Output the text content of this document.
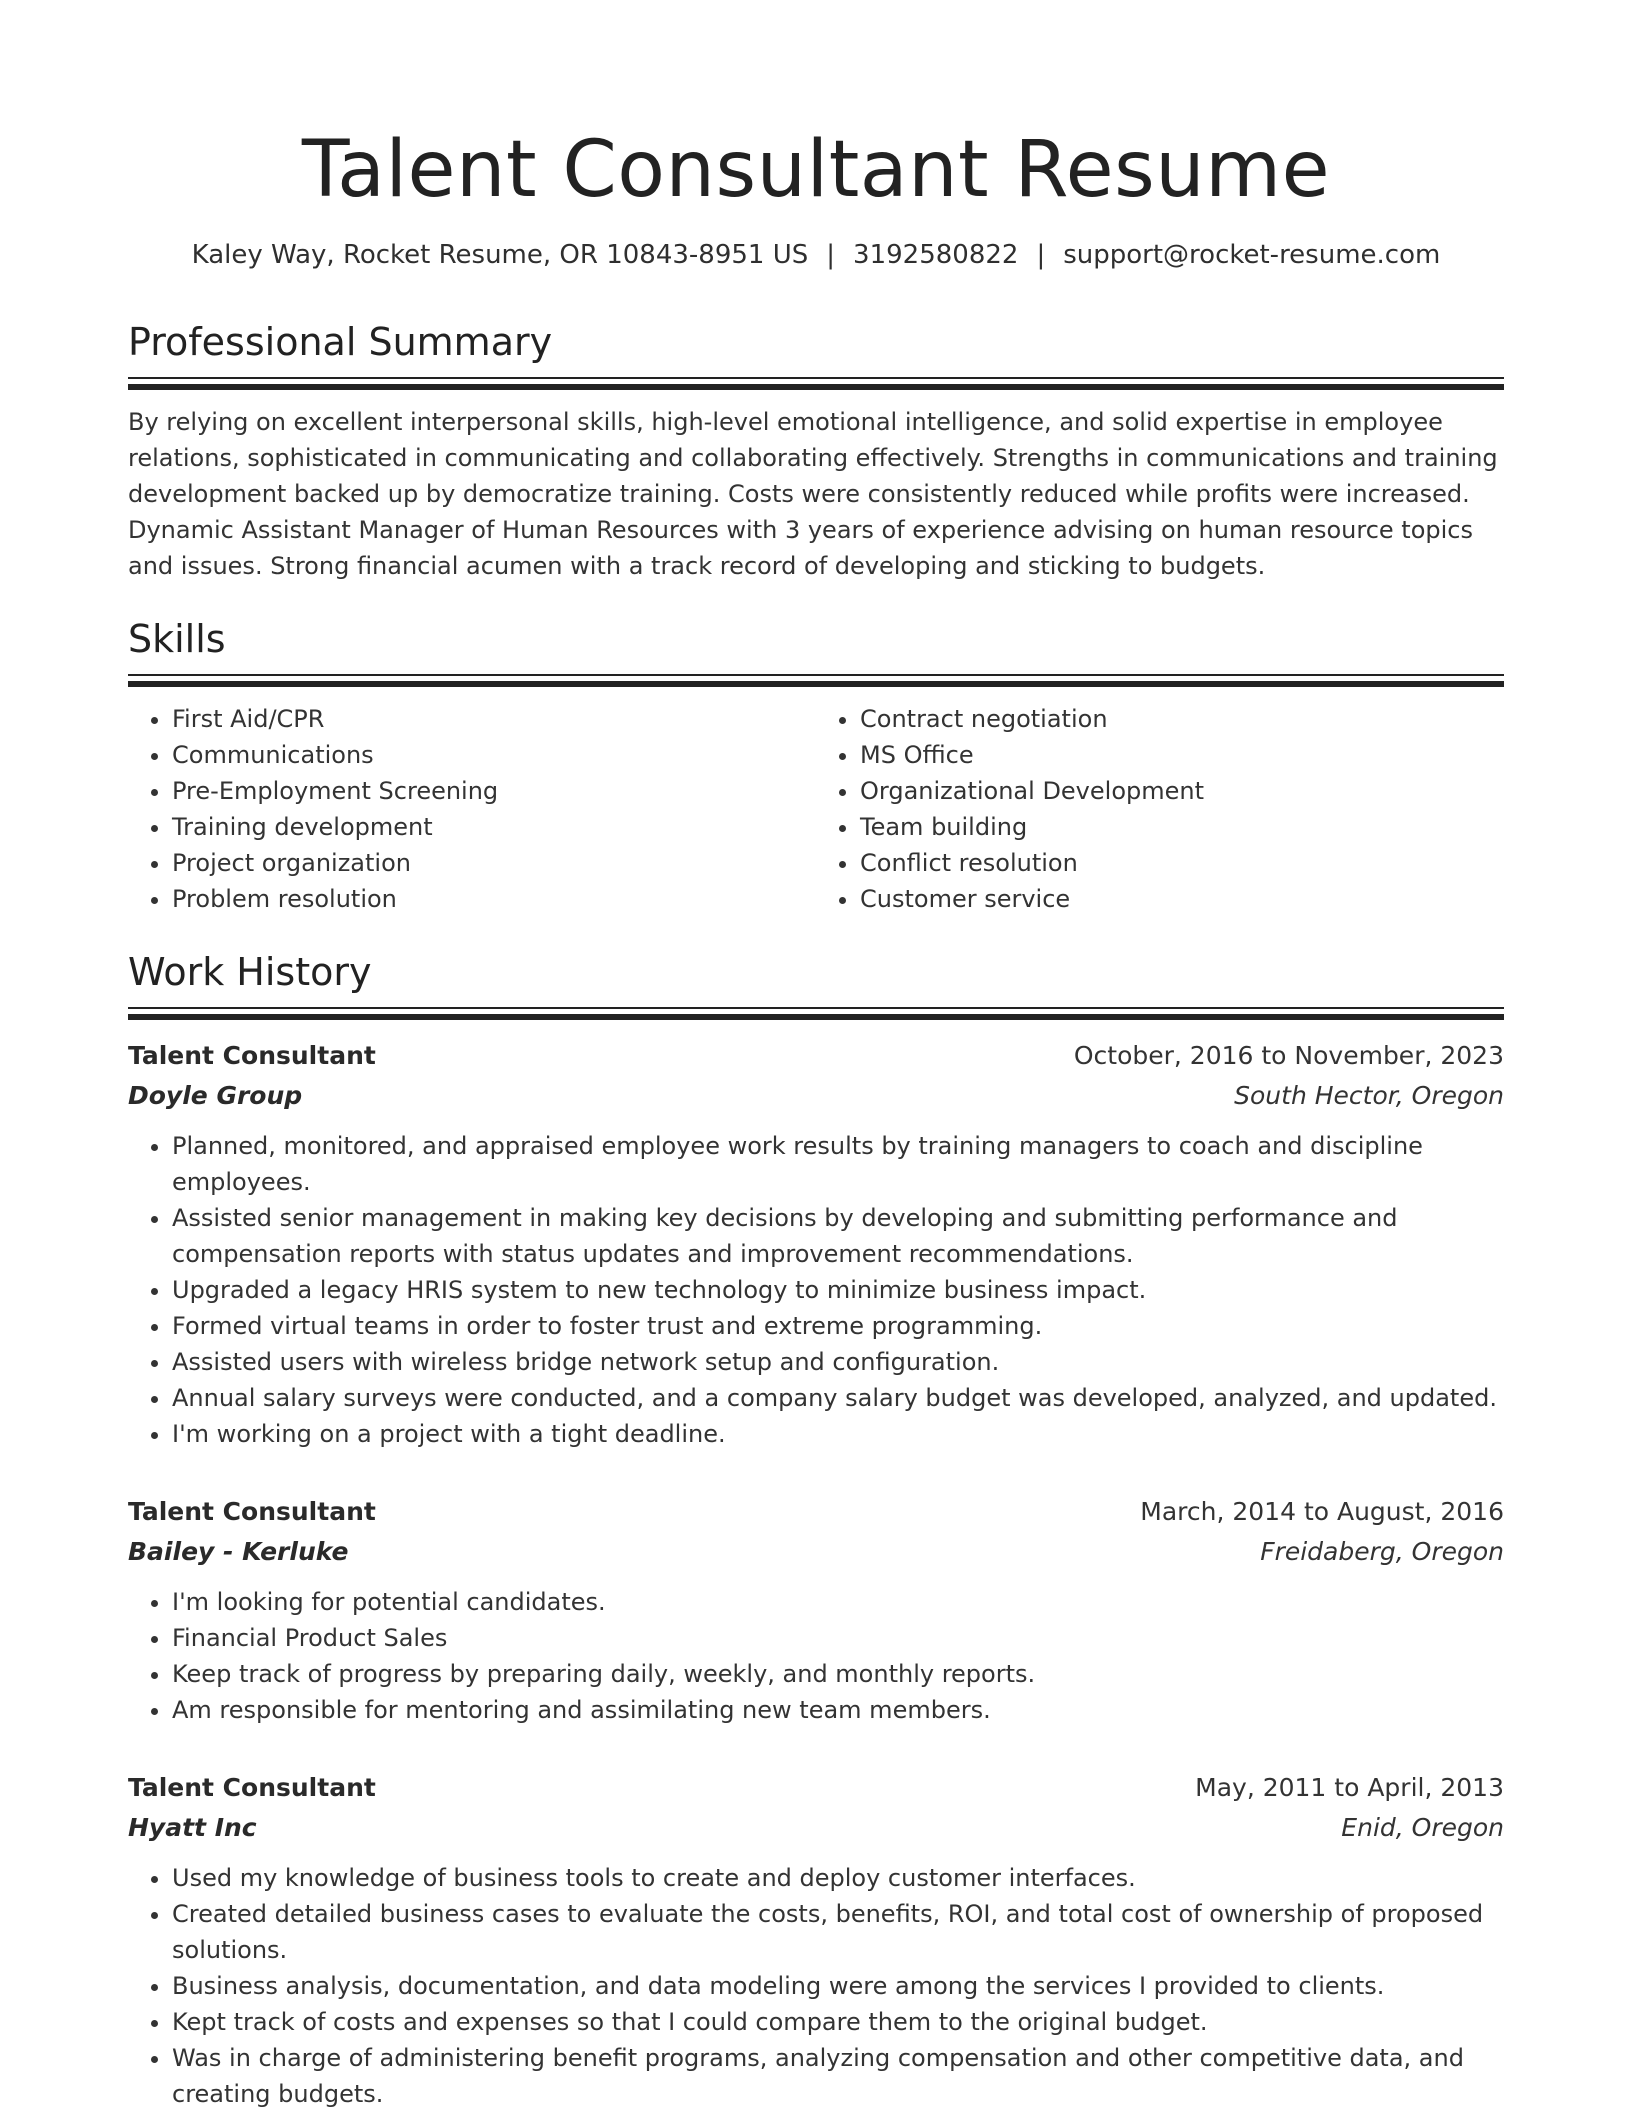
Talent Consultant Resume
Kaley Way, Rocket Resume, OR 10843-8951 US | 3192580822 | support@rocket-resume.com
Professional Summary
By relying on excellent interpersonal skills, high-level emotional intelligence, and solid expertise in employee relations, sophisticated in communicating and collaborating effectively. Strengths in communications and training development backed up by democratize training. Costs were consistently reduced while profits were increased. Dynamic Assistant Manager of Human Resources with 3 years of experience advising on human resource topics and issues. Strong financial acumen with a track record of developing and sticking to budgets.
Skills
• First Aid/CPR
• Communications
• Pre-Employment Screening
• Training development
• Project organization
• Problem resolution
• Contract negotiation
• MS Office
• Organizational Development
• Team building
• Conflict resolution
• Customer service
Work History
Talent Consultant	October, 2016 to November, 2023
Doyle Group	South Hector, Oregon
• Planned, monitored, and appraised employee work results by training managers to coach and discipline employees.
• Assisted senior management in making key decisions by developing and submitting performance and compensation reports with status updates and improvement recommendations.
• Upgraded a legacy HRIS system to new technology to minimize business impact.
• Formed virtual teams in order to foster trust and extreme programming.
• Assisted users with wireless bridge network setup and configuration.
• Annual salary surveys were conducted, and a company salary budget was developed, analyzed, and updated.
• I'm working on a project with a tight deadline.
Talent Consultant	March, 2014 to August, 2016
Bailey - Kerluke	Freidaberg, Oregon
• I'm looking for potential candidates.
• Financial Product Sales
• Keep track of progress by preparing daily, weekly, and monthly reports.
• Am responsible for mentoring and assimilating new team members.
Talent Consultant	May, 2011 to April, 2013
Hyatt Inc	Enid, Oregon
• Used my knowledge of business tools to create and deploy customer interfaces.
• Created detailed business cases to evaluate the costs, benefits, ROI, and total cost of ownership of proposed solutions.
• Business analysis, documentation, and data modeling were among the services I provided to clients.
• Kept track of costs and expenses so that I could compare them to the original budget.
• Was in charge of administering benefit programs, analyzing compensation and other competitive data, and creating budgets.
